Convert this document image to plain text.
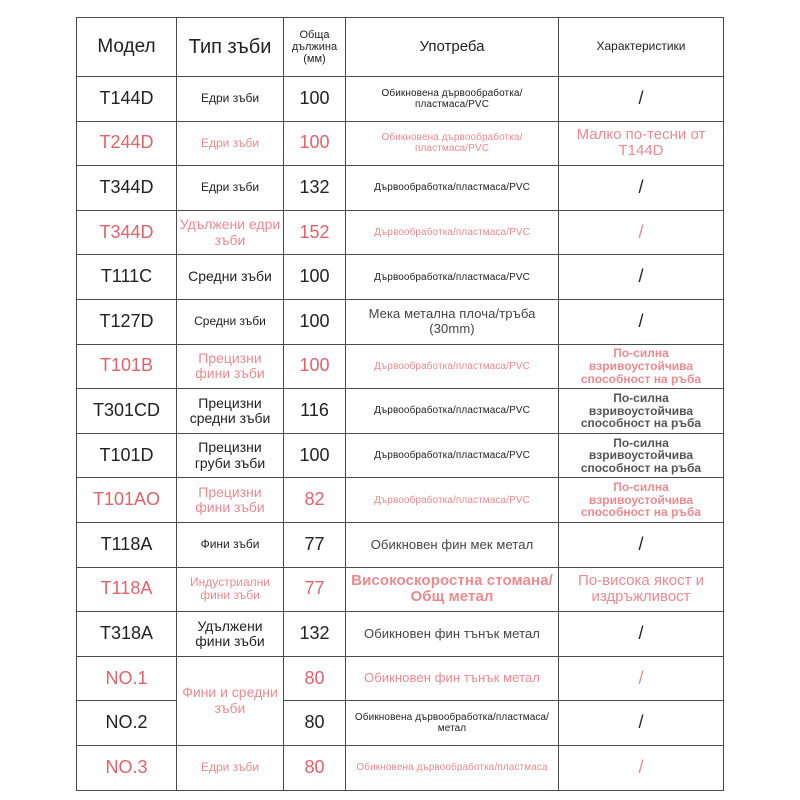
Модел	Тип зъби	Обща дължина (мм)	Употреба	Характеристики
T144D	Едри зъби	100	Обикновена дървообработка/пластмаса/PVC	/
T244D	Едри зъби	100	Обикновена дървообработка/пластмаса/PVC	Малко по-тесни от T144D
T344D	Едри зъби	132	Дървообработка/пластмаса/PVC	/
T344D	Удължени едри зъби	152	Дървообработка/пластмаса/PVC	/
T111C	Средни зъби	100	Дървообработка/пластмаса/PVC	/
T127D	Средни зъби	100	Мека метална плоча/тръба (30mm)	/
T101B	Прецизни фини зъби	100	Дървообработка/пластмаса/PVC	По-силна взривоустойчива способност на ръба
T301CD	Прецизни средни зъби	116	Дървообработка/пластмаса/PVC	По-силна взривоустойчива способност на ръба
T101D	Прецизни груби зъби	100	Дървообработка/пластмаса/PVC	По-силна взривоустойчива способност на ръба
T101AO	Прецизни фини зъби	82	Дървообработка/пластмаса/PVC	По-силна взривоустойчива способност на ръба
T118A	Фини зъби	77	Обикновен фин мек метал	/
T118A	Индустриални фини зъби	77	Високоскоростна стомана/Общ метал	По-висока якост и издръжливост
T318A	Удължени фини зъби	132	Обикновен фин тънък метал	/
NO.1	Фини и средни зъби	80	Обикновен фин тънък метал	/
NO.2		80	Обикновена дървообработка/пластмаса/метал	/
NO.3	Едри зъби	80	Обикновена дървообработка/пластмаса	/
